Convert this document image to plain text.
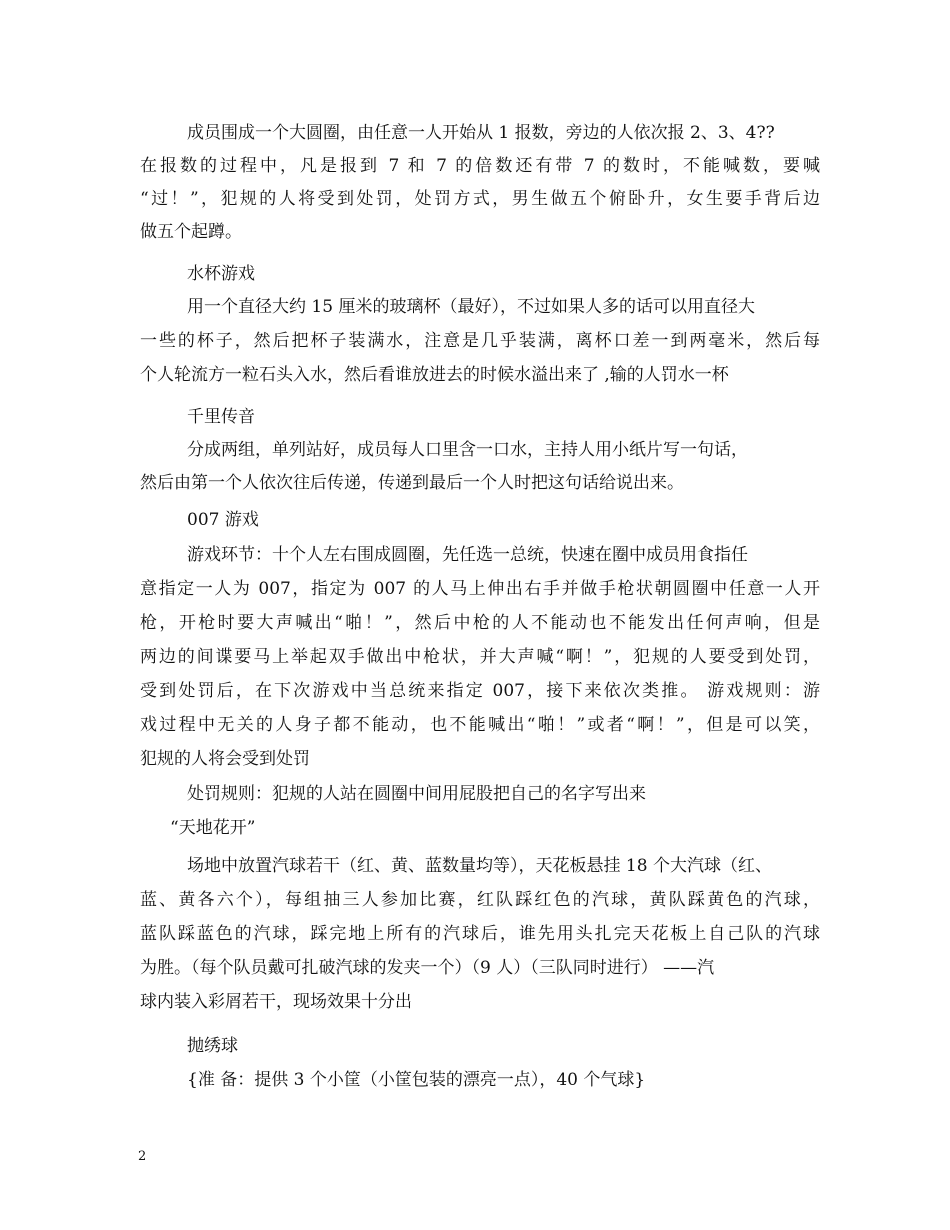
成员围成一个大圆圈，由任意一人开始从 1 报数，旁边的人依次报 2、3、4??
在报数的过程中，凡是报到 7 和 7 的倍数还有带 7 的数时，不能喊数，要喊
“过！”，犯规的人将受到处罚，处罚方式，男生做五个俯卧升，女生要手背后边
做五个起蹲。
水杯游戏
用一个直径大约 15 厘米的玻璃杯（最好），不过如果人多的话可以用直径大
一些的杯子，然后把杯子装满水，注意是几乎装满，离杯口差一到两毫米，然后每
个人轮流方一粒石头入水，然后看谁放进去的时候水溢出来了 ,输的人罚水一杯
千里传音
分成两组，单列站好，成员每人口里含一口水，主持人用小纸片写一句话，
然后由第一个人依次往后传递，传递到最后一个人时把这句话给说出来。
007 游戏
游戏环节：十个人左右围成圆圈，先任选一总统，快速在圈中成员用食指任
意指定一人为 007，指定为 007 的人马上伸出右手并做手枪状朝圆圈中任意一人开
枪，开枪时要大声喊出“啪！”，然后中枪的人不能动也不能发出任何声响，但是
两边的间谍要马上举起双手做出中枪状，并大声喊“啊！”，犯规的人要受到处罚，
受到处罚后，在下次游戏中当总统来指定 007，接下来依次类推。 游戏规则：游
戏过程中无关的人身子都不能动，也不能喊出“啪！”或者“啊！”，但是可以笑，
犯规的人将会受到处罚
处罚规则：犯规的人站在圆圈中间用屁股把自己的名字写出来
“天地花开”
场地中放置汽球若干（红、黄、蓝数量均等），天花板悬挂 18 个大汽球（红、
蓝、黄各六个），每组抽三人参加比赛，红队踩红色的汽球，黄队踩黄色的汽球，
蓝队踩蓝色的汽球，踩完地上所有的汽球后，谁先用头扎完天花板上自己队的汽球
为胜。（每个队员戴可扎破汽球的发夹一个）（9 人）（三队同时进行） ——汽
球内装入彩屑若干，现场效果十分出
抛绣球
{准 备：提供 3 个小筐（小筐包装的漂亮一点），40 个气球}
2
